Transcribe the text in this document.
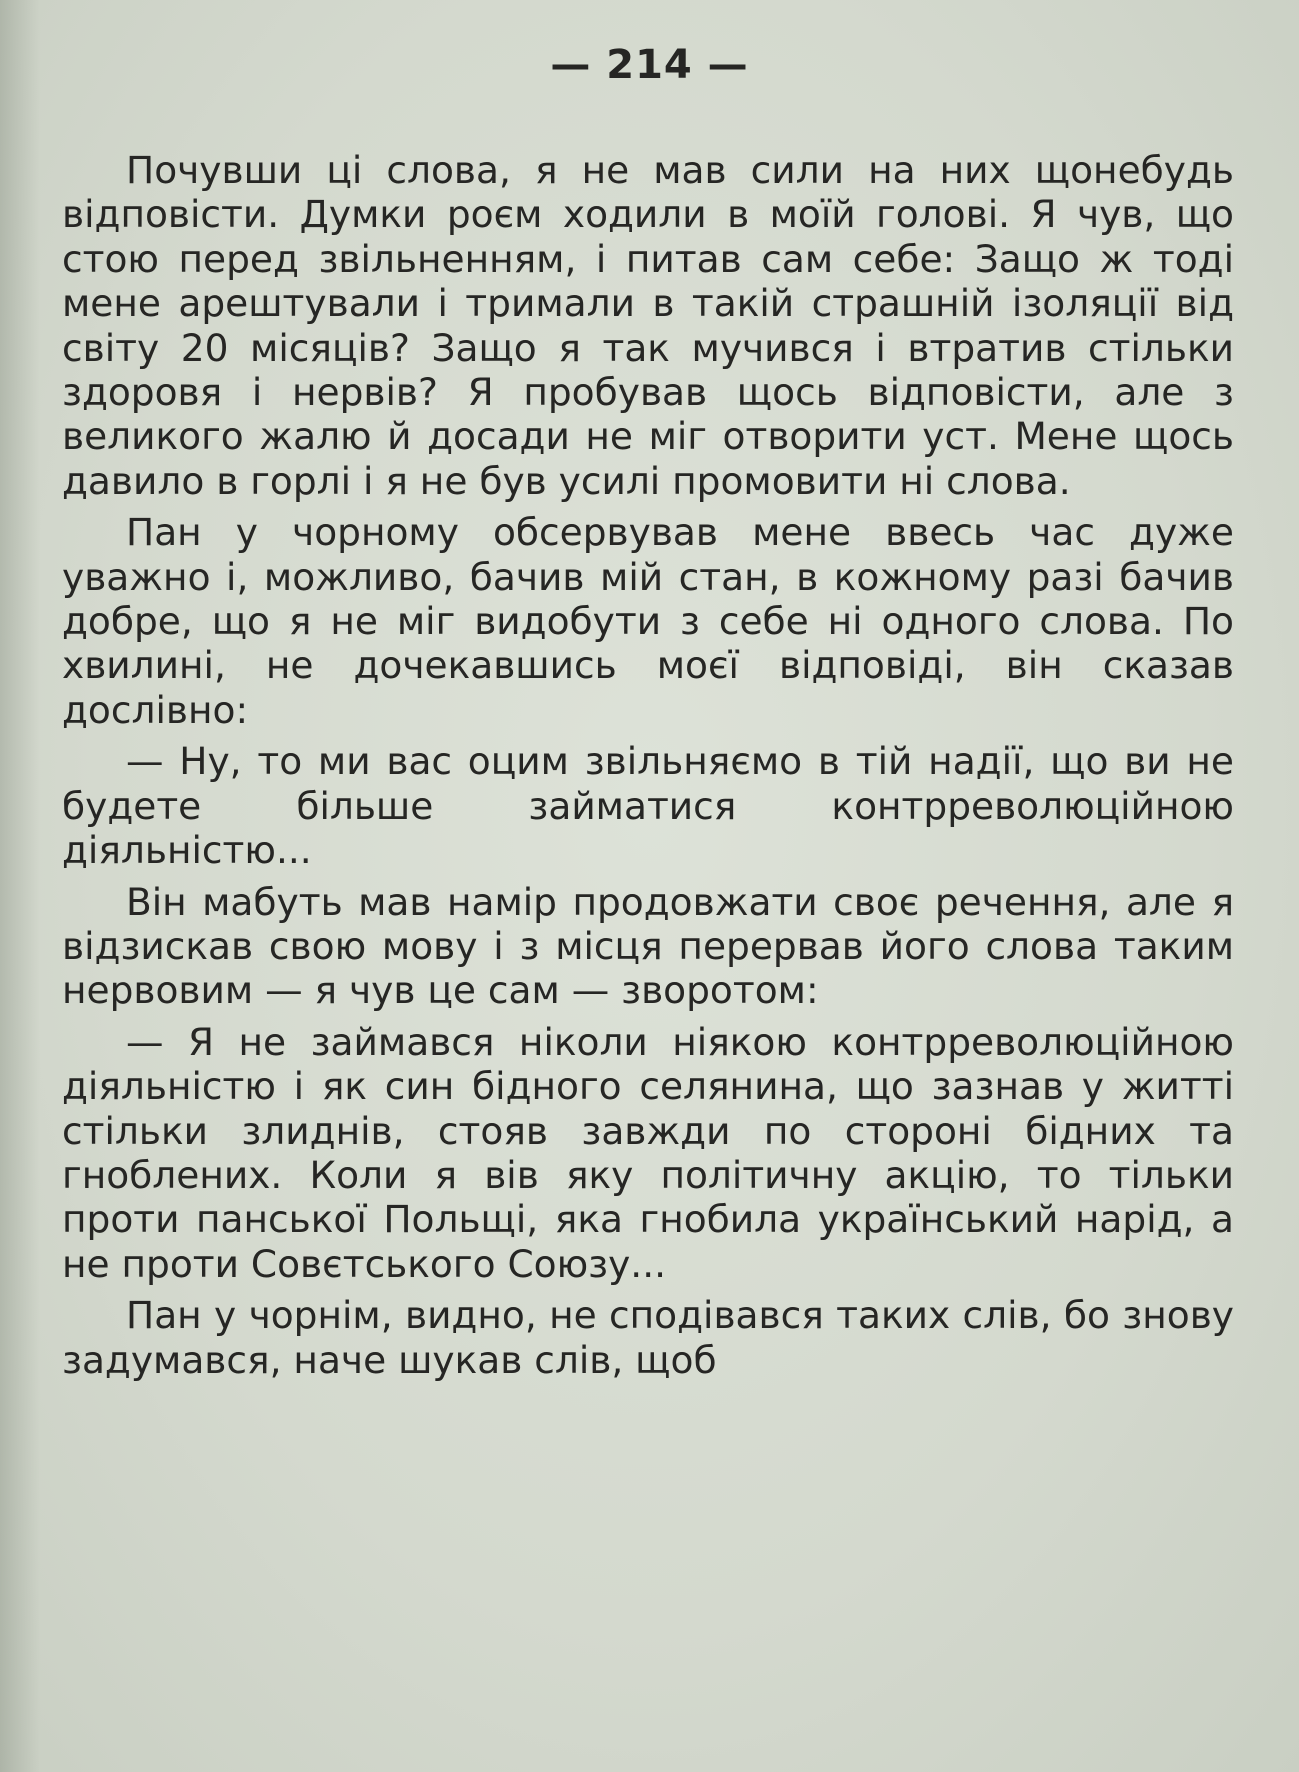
— 214 —

Почувши ці слова, я не мав сили на них щонебудь відповісти. Думки роєм ходили в моїй голові. Я чув, що стою перед звільненням, і питав сам себе: Защо ж тоді мене арештували і тримали в такій страшній ізоляції від світу 20 місяців? Защо я так мучився і втратив стільки здоровя і нервів? Я пробував щось відповісти, але з великого жалю й досади не міг отворити уст. Мене щось давило в горлі і я не був усилі промовити ні слова.

Пан у чорному обсервував мене ввесь час дуже уважно і, можливо, бачив мій стан, в кожному разі бачив добре, що я не міг видобути з себе ні одного слова. По хвилині, не дочекавшись моєї відповіді, він сказав дослівно:

— Ну, то ми вас оцим звільняємо в тій надії, що ви не будете більше займатися контрреволюційною діяльністю...

Він мабуть мав намір продовжати своє речення, але я відзискав свою мову і з місця перервав його слова таким нервовим — я чув це сам — зворотом:

— Я не займався ніколи ніякою контрреволюційною діяльністю і як син бідного селянина, що зазнав у житті стільки злиднів, стояв завжди по стороні бідних та гноблених. Коли я вів яку політичну акцію, то тільки проти панської Польщі, яка гнобила український нарід, а не проти Совєтського Союзу...

Пан у чорнім, видно, не сподівався таких слів, бо знову задумався, наче шукав слів, щоб
